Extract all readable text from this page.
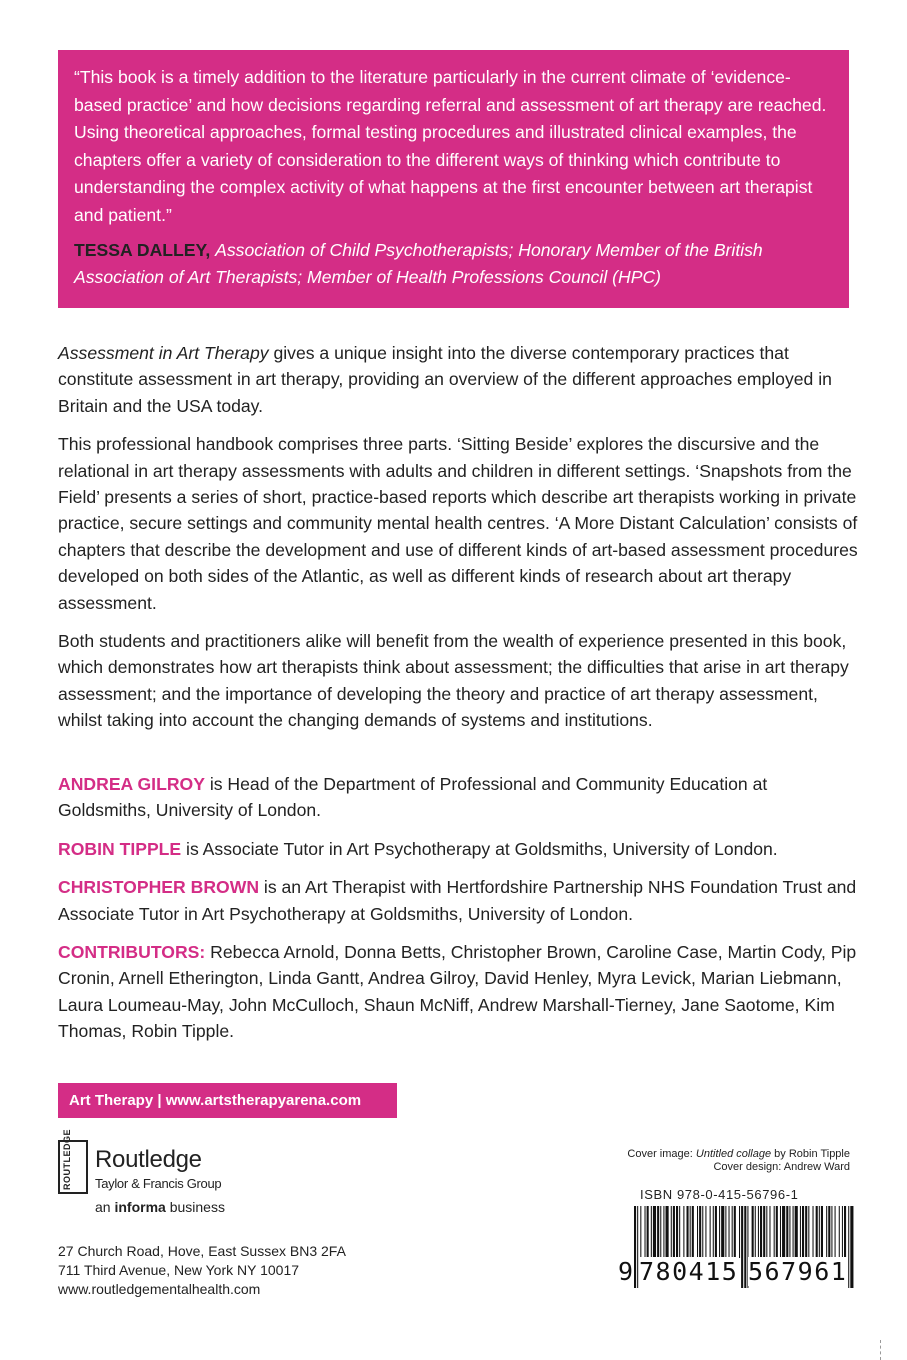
“This book is a timely addition to the literature particularly in the current climate of ‘evidence-based practice’ and how decisions regarding referral and assessment of art therapy are reached. Using theoretical approaches, formal testing procedures and illustrated clinical examples, the chapters offer a variety of consideration to the different ways of thinking which contribute to understanding the complex activity of what happens at the first encounter between art therapist and patient.”

TESSA DALLEY, Association of Child Psychotherapists; Honorary Member of the British Association of Art Therapists; Member of Health Professions Council (HPC)

Assessment in Art Therapy gives a unique insight into the diverse contemporary practices that constitute assessment in art therapy, providing an overview of the different approaches employed in Britain and the USA today.

This professional handbook comprises three parts. ‘Sitting Beside’ explores the discursive and the relational in art therapy assessments with adults and children in different settings. ‘Snapshots from the Field’ presents a series of short, practice-based reports which describe art therapists working in private practice, secure settings and community mental health centres. ‘A More Distant Calculation’ consists of chapters that describe the development and use of different kinds of art-based assessment procedures developed on both sides of the Atlantic, as well as different kinds of research about art therapy assessment.

Both students and practitioners alike will benefit from the wealth of experience presented in this book, which demonstrates how art therapists think about assessment; the difficulties that arise in art therapy assessment; and the importance of developing the theory and practice of art therapy assessment, whilst taking into account the changing demands of systems and institutions.

ANDREA GILROY is Head of the Department of Professional and Community Education at Goldsmiths, University of London.

ROBIN TIPPLE is Associate Tutor in Art Psychotherapy at Goldsmiths, University of London.

CHRISTOPHER BROWN is an Art Therapist with Hertfordshire Partnership NHS Foundation Trust and Associate Tutor in Art Psychotherapy at Goldsmiths, University of London.

CONTRIBUTORS: Rebecca Arnold, Donna Betts, Christopher Brown, Caroline Case, Martin Cody, Pip Cronin, Arnell Etherington, Linda Gantt, Andrea Gilroy, David Henley, Myra Levick, Marian Liebmann, Laura Loumeau-May, John McCulloch, Shaun McNiff, Andrew Marshall-Tierney, Jane Saotome, Kim Thomas, Robin Tipple.

Art Therapy | www.artstherapyarena.com
ROUTLEDGE Routledge
Taylor & Francis Group
an informa business
27 Church Road, Hove, East Sussex BN3 2FA
711 Third Avenue, New York NY 10017
www.routledgementalhealth.com
Cover image: Untitled collage by Robin Tipple
Cover design: Andrew Ward
ISBN 978-0-415-56796-1
9 780415 567961
